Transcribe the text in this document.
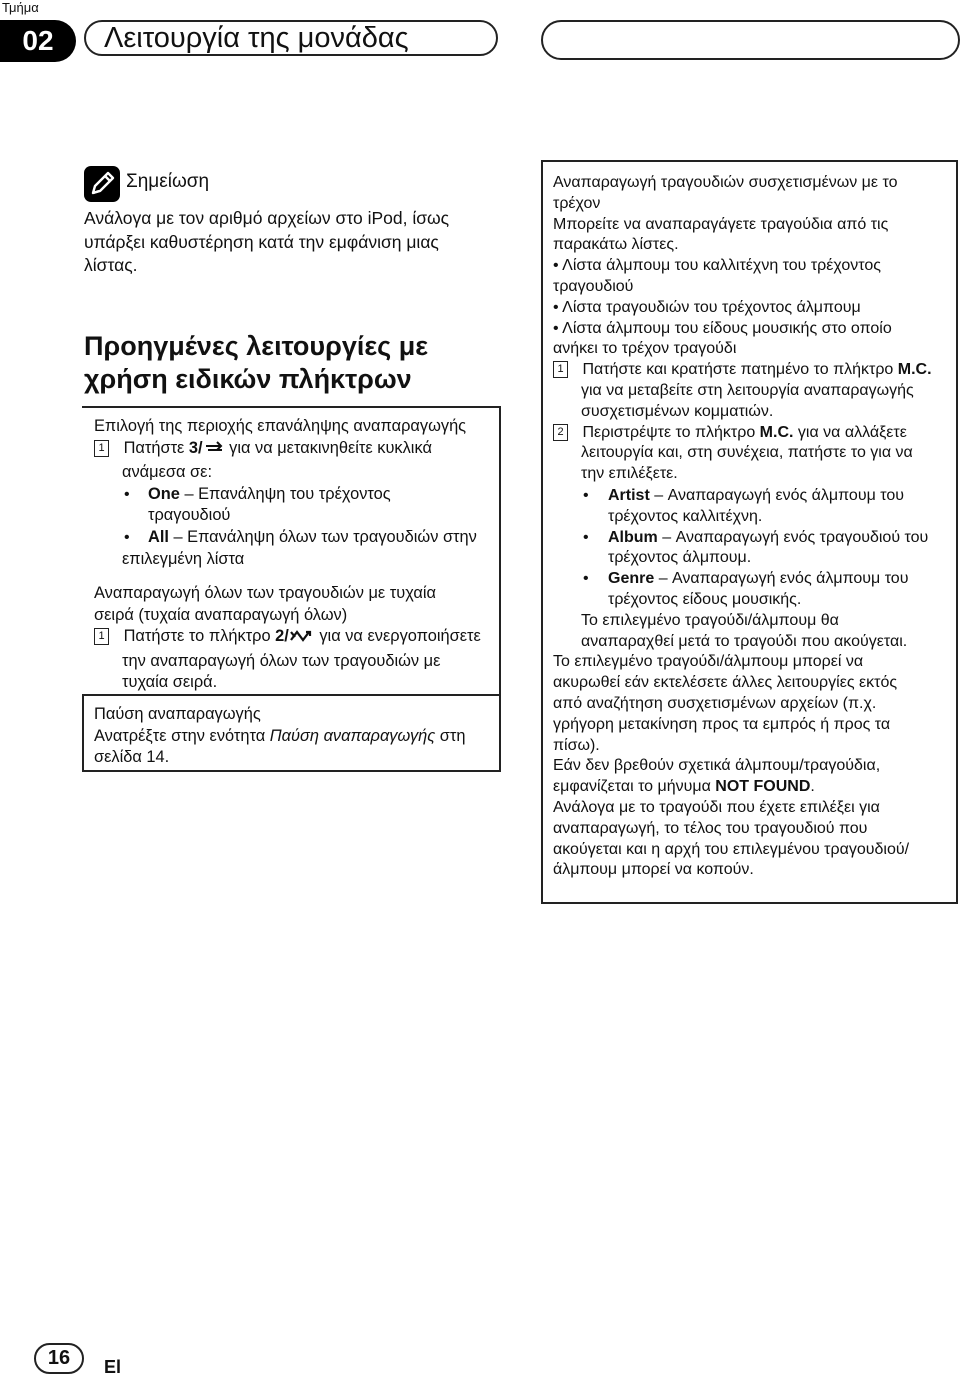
Τμήμα
02	Λειτουργία της μονάδας
Σημείωση
Ανάλογα με τον αριθμό αρχείων στο iPod, ίσως
υπάρξει καθυστέρηση κατά την εμφάνιση μιας
λίστας.
Προηγμένες λειτουργίες με
χρήση ειδικών πλήκτρων
Επιλογή της περιοχής επανάληψης αναπαραγωγής
1 Πατήστε 3/ για να μετακινηθείτε κυκλικά
ανάμεσα σε:
• One – Επανάληψη του τρέχοντος
τραγουδιού
• All – Επανάληψη όλων των τραγουδιών στην
επιλεγμένη λίστα
Αναπαραγωγή όλων των τραγουδιών με τυχαία
σειρά (τυχαία αναπαραγωγή όλων)
1 Πατήστε το πλήκτρο 2/ για να ενεργοποιήσετε
την αναπαραγωγή όλων των τραγουδιών με
τυχαία σειρά.
Παύση αναπαραγωγής
Ανατρέξτε στην ενότητα Παύση αναπαραγωγής στη
σελίδα 14.
Αναπαραγωγή τραγουδιών συσχετισμένων με το
τρέχον
Μπορείτε να αναπαραγάγετε τραγούδια από τις
παρακάτω λίστες.
• Λίστα άλμπουμ του καλλιτέχνη του τρέχοντος
τραγουδιού
• Λίστα τραγουδιών του τρέχοντος άλμπουμ
• Λίστα άλμπουμ του είδους μουσικής στο οποίο
ανήκει το τρέχον τραγούδι
1 Πατήστε και κρατήστε πατημένο το πλήκτρο M.C.
για να μεταβείτε στη λειτουργία αναπαραγωγής
συσχετισμένων κομματιών.
2 Περιστρέψτε το πλήκτρο M.C. για να αλλάξετε
λειτουργία και, στη συνέχεια, πατήστε το για να
την επιλέξετε.
• Artist – Αναπαραγωγή ενός άλμπουμ του
τρέχοντος καλλιτέχνη.
• Album – Αναπαραγωγή ενός τραγουδιού του
τρέχοντος άλμπουμ.
• Genre – Αναπαραγωγή ενός άλμπουμ του
τρέχοντος είδους μουσικής.
Το επιλεγμένο τραγούδι/άλμπουμ θα
αναπαραχθεί μετά το τραγούδι που ακούγεται.
Το επιλεγμένο τραγούδι/άλμπουμ μπορεί να
ακυρωθεί εάν εκτελέσετε άλλες λειτουργίες εκτός
από αναζήτηση συσχετισμένων αρχείων (π.χ.
γρήγορη μετακίνηση προς τα εμπρός ή προς τα
πίσω).
Εάν δεν βρεθούν σχετικά άλμπουμ/τραγούδια,
εμφανίζεται το μήνυμα NOT FOUND.
Ανάλογα με το τραγούδι που έχετε επιλέξει για
αναπαραγωγή, το τέλος του τραγουδιού που
ακούγεται και η αρχή του επιλεγμένου τραγουδιού/
άλμπουμ μπορεί να κοπούν.
16	El
